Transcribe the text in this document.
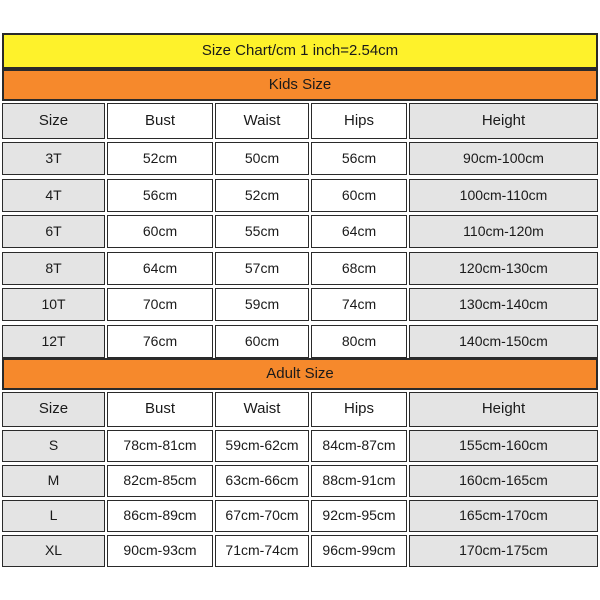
Size Chart/cm 1 inch=2.54cm
Kids Size
Size	Bust	Waist	Hips	Height
3T	52cm	50cm	56cm	90cm-100cm
4T	56cm	52cm	60cm	100cm-110cm
6T	60cm	55cm	64cm	110cm-120m
8T	64cm	57cm	68cm	120cm-130cm
10T	70cm	59cm	74cm	130cm-140cm
12T	76cm	60cm	80cm	140cm-150cm
Adult Size
Size	Bust	Waist	Hips	Height
S	78cm-81cm	59cm-62cm	84cm-87cm	155cm-160cm
M	82cm-85cm	63cm-66cm	88cm-91cm	160cm-165cm
L	86cm-89cm	67cm-70cm	92cm-95cm	165cm-170cm
XL	90cm-93cm	71cm-74cm	96cm-99cm	170cm-175cm
